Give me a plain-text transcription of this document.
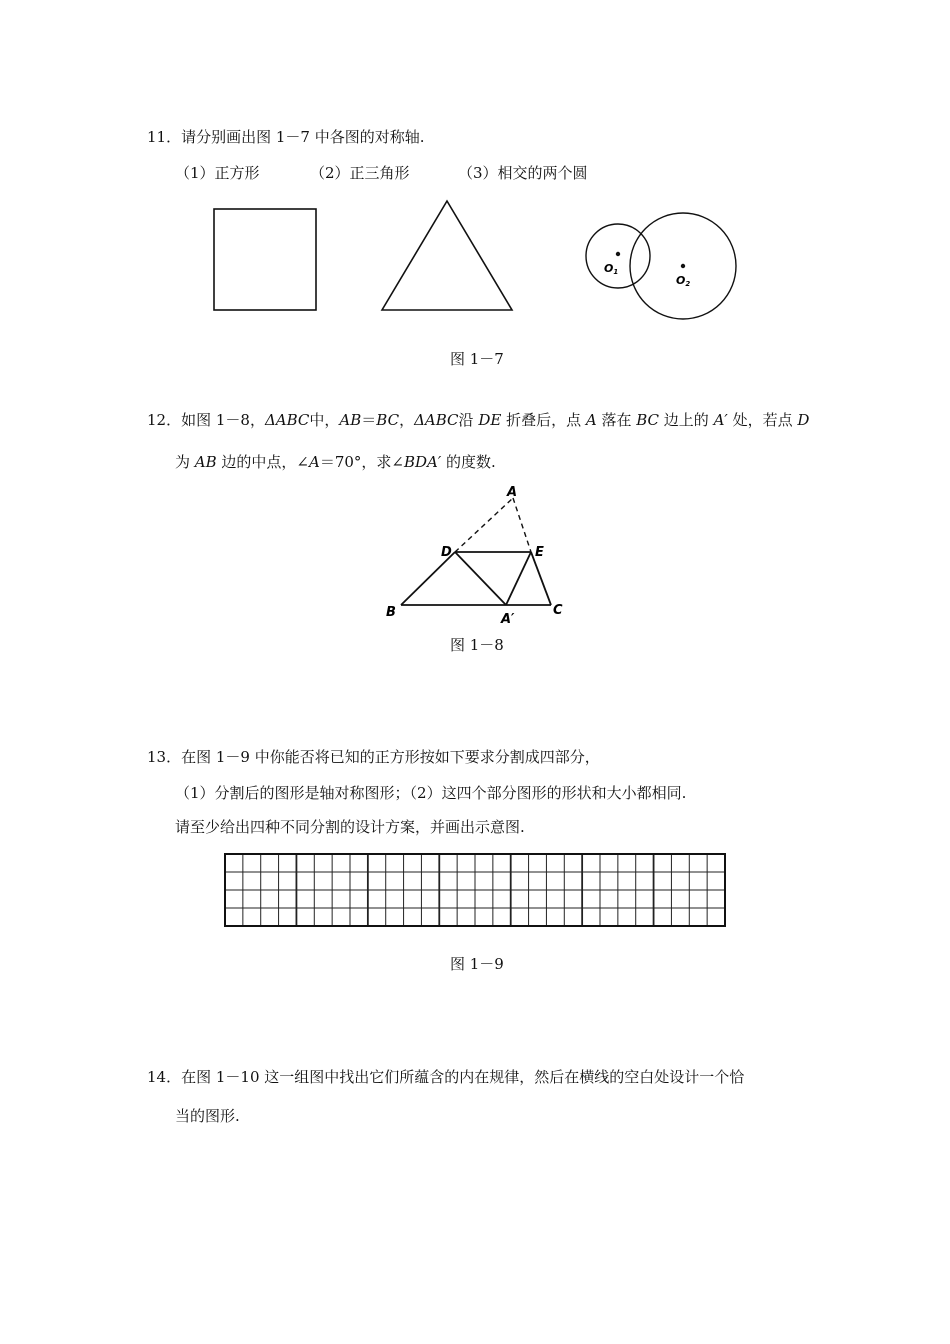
11．请分别画出图 1－7 中各图的对称轴.
（1）正方形	（2）正三角形	（3）相交的两个圆
O1
O2
图 1－7
12．如图 1－8，ΔABC中，AB＝BC，ΔABC沿 DE 折叠后，点 A 落在 BC 边上的 A′ 处，若点 D
为 AB 边的中点，∠A＝70°，求∠BDA′ 的度数.
A
D	E
B	C
A′
图 1－8
13．在图 1－9 中你能否将已知的正方形按如下要求分割成四部分，
（1）分割后的图形是轴对称图形；（2）这四个部分图形的形状和大小都相同.
请至少给出四种不同分割的设计方案，并画出示意图.
图 1－9
14．在图 1－10 这一组图中找出它们所蕴含的内在规律，然后在横线的空白处设计一个恰
当的图形.
